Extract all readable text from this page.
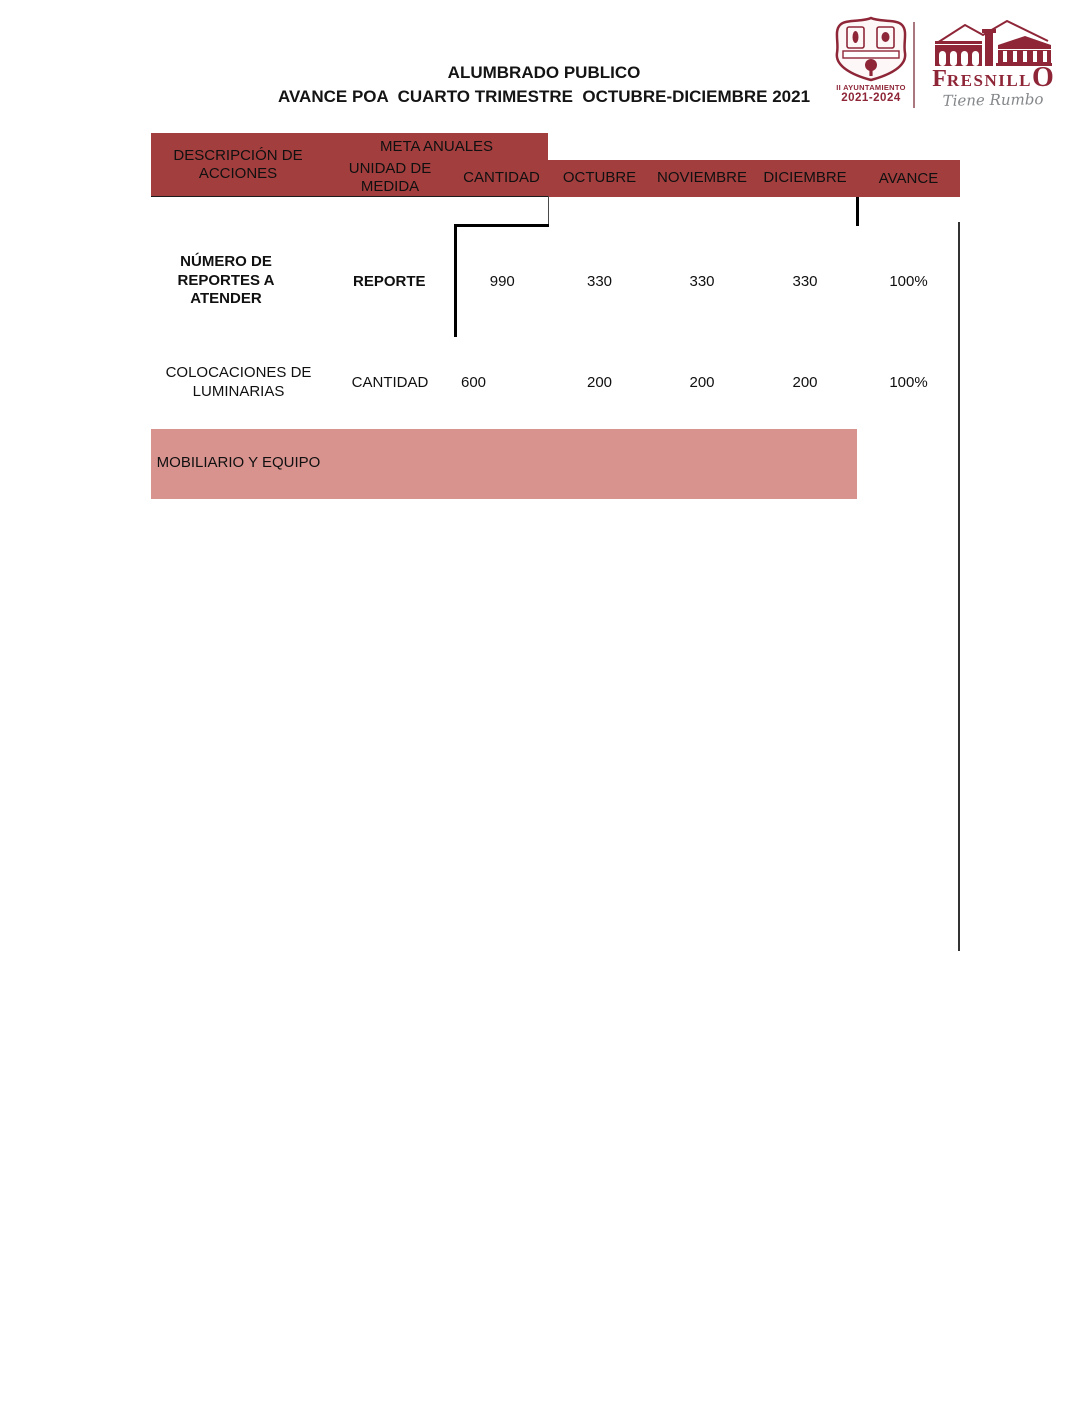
ALUMBRADO PUBLICO
AVANCE POA  CUARTO TRIMESTRE  OCTUBRE-DICIEMBRE 2021	II AYUNTAMIENTO
2021-2024
FRESNILLO
Tiene Rumbo
DESCRIPCIÓN DE ACCIONES	META ANUALES					

	UNIDAD DE MEDIDA	CANTIDAD	OCTUBRE	NOVIEMBRE	DICIEMBRE	AVANCE

NÚMERO DE REPORTES A ATENDER	REPORTE	990	330	330	330	100%

COLOCACIONES DE LUMINARIAS	CANTIDAD	600	200	200	200	100%

MOBILIARIO Y EQUIPO						
